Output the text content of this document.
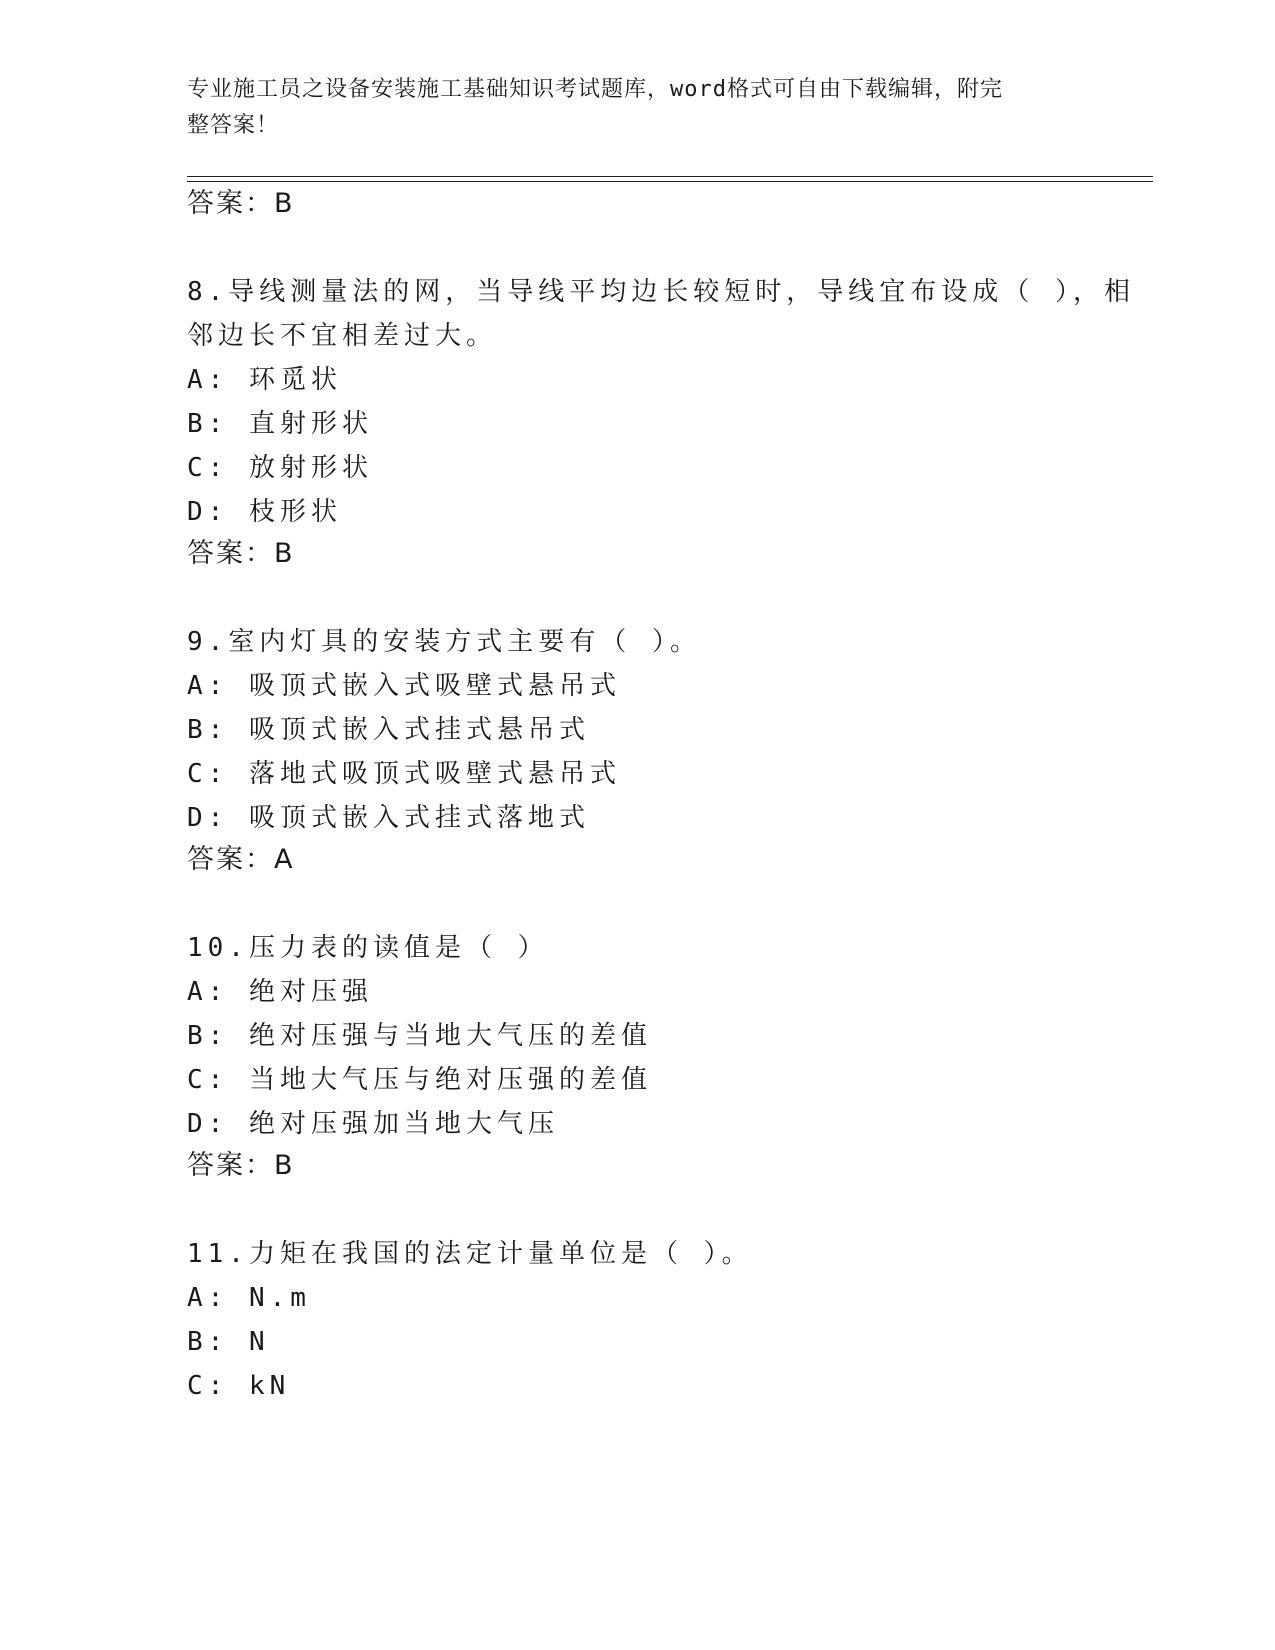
专业施工员之设备安装施工基础知识考试题库，word格式可自由下载编辑，附完
整答案！
答案：B
8.导线测量法的网，当导线平均边长较短时，导线宜布设成（ ），相
邻边长不宜相差过大。
A: 环觅状
B: 直射形状
C: 放射形状
D: 枝形状
答案：B
9.室内灯具的安装方式主要有（ ）。
A: 吸顶式嵌入式吸壁式悬吊式
B: 吸顶式嵌入式挂式悬吊式
C: 落地式吸顶式吸壁式悬吊式
D: 吸顶式嵌入式挂式落地式
答案：A
10.压力表的读值是（ ）
A: 绝对压强
B: 绝对压强与当地大气压的差值
C: 当地大气压与绝对压强的差值
D: 绝对压强加当地大气压
答案：B
11.力矩在我国的法定计量单位是（ ）。
A: N.m
B: N
C: kN
